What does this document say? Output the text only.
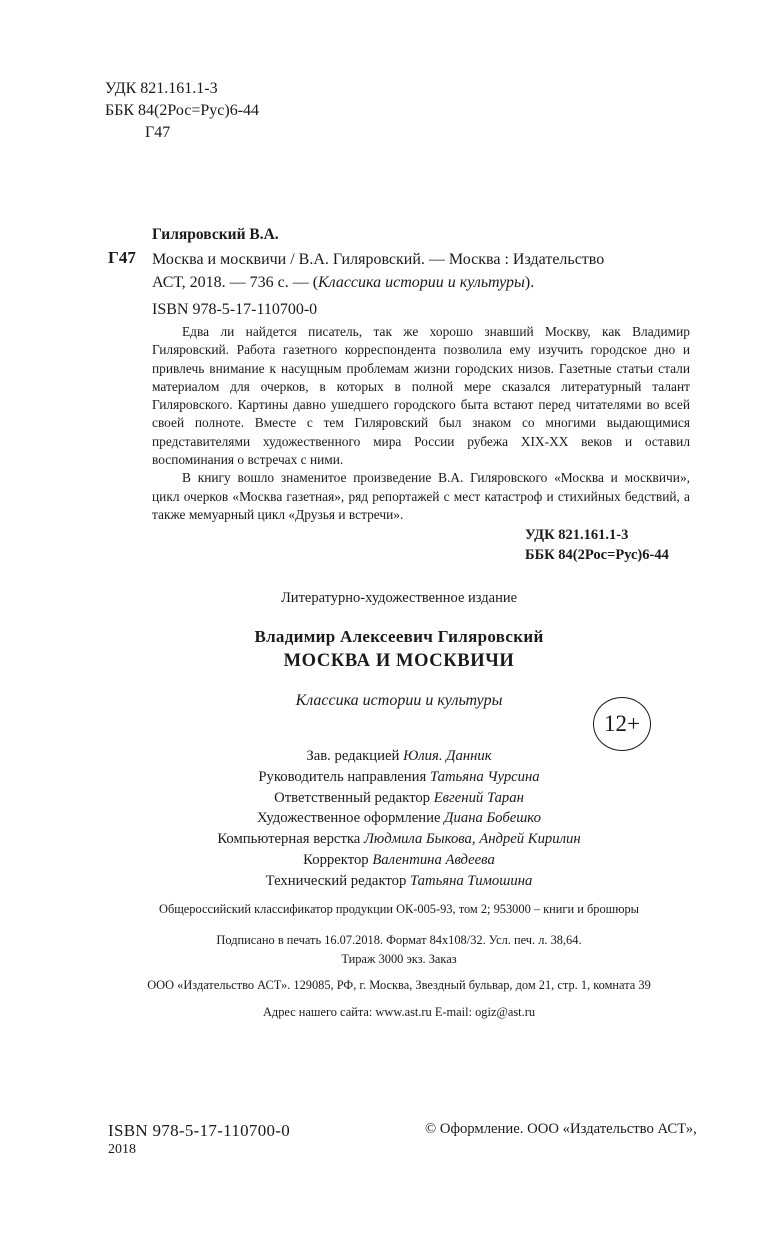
УДК 821.161.1-3
ББК 84(2Рос=Рус)6-44
Г47
Гиляровский В.А.
Г47 Москва и москвичи / В.А. Гиляровский. — Москва : Издательство
АСТ, 2018. — 736 с. — (Классика истории и культуры).
ISBN 978-5-17-110700-0

Едва ли найдется писатель, так же хорошо знавший Москву, как Владимир Гиляровский. Работа газетного корреспондента позволила ему изучить городское дно и привлечь внимание к насущным проблемам жизни городских низов. Газетные статьи стали материалом для очерков, в которых в полной мере сказался литературный талант Гиляровского. Картины давно ушедшего городского быта встают перед читателями во всей своей полноте. Вместе с тем Гиляровский был знаком со многими выдающимися представителями художественного мира России рубежа XIX-XX веков и оставил воспоминания о встречах с ними.

В книгу вошло знаменитое произведение В.А. Гиляровского «Москва и москвичи», цикл очерков «Москва газетная», ряд репортажей с мест катастроф и стихийных бедствий, а также мемуарный цикл «Друзья и встречи».

УДК 821.161.1-3
ББК 84(2Рос=Рус)6-44
Литературно-художественное издание
Владимир Алексеевич Гиляровский
МОСКВА И МОСКВИЧИ
Классика истории и культуры
12+
Зав. редакцией Юлия. Данник
Руководитель направления Татьяна Чурсина
Ответственный редактор Евгений Таран
Художественное оформление Диана Бобешко
Компьютерная верстка Людмила Быкова, Андрей Кирилин
Корректор Валентина Авдеева
Технический редактор Татьяна Тимошина
Общероссийский классификатор продукции ОК-005-93, том 2; 953000 – книги и брошюры
Подписано в печать 16.07.2018. Формат 84x108/32. Усл. печ. л. 38,64.
Тираж 3000 экз. Заказ
ООО «Издательство АСТ». 129085, РФ, г. Москва, Звездный бульвар, дом 21, стр. 1, комната 39
Адрес нашего сайта: www.ast.ru E-mail: ogiz@ast.ru
ISBN 978-5-17-110700-0
2018
© Оформление. ООО «Издательство АСТ»,
